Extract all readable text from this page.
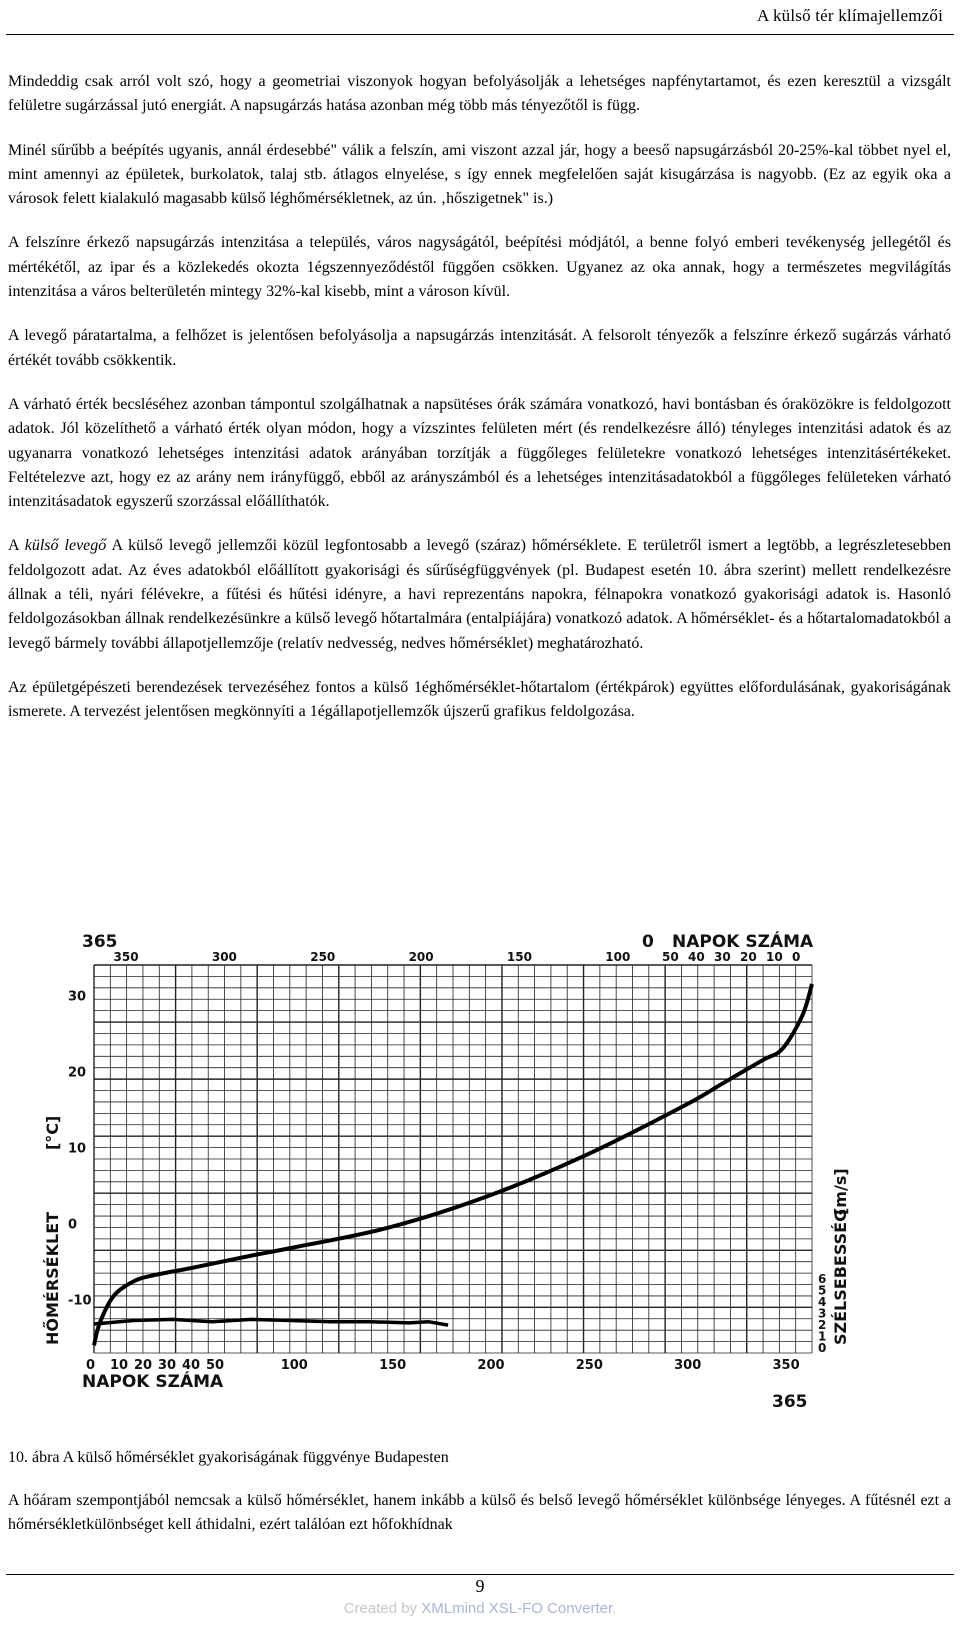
A külső tér klímajellemzői

Mindeddig csak arról volt szó, hogy a geometriai viszonyok hogyan befolyásolják a lehetséges napfénytartamot, és ezen keresztül a vizsgált felületre sugárzással jutó energiát. A napsugárzás hatása azonban még több más tényezőtől is függ.

Minél sűrűbb a beépítés ugyanis, annál érdesebbé" válik a felszín, ami viszont azzal jár, hogy a beeső napsugárzásból 20-25%-kal többet nyel el, mint amennyi az épületek, burkolatok, talaj stb. átlagos elnyelése, s így ennek megfelelően saját kisugárzása is nagyobb. (Ez az egyik oka a városok felett kialakuló magasabb külső léghőmérsékletnek, az ún. ‚hőszigetnek" is.)

A felszínre érkező napsugárzás intenzitása a település, város nagyságától, beépítési módjától, a benne folyó emberi tevékenység jellegétől és mértékétől, az ipar és a közlekedés okozta 1égszennyeződéstől függően csökken. Ugyanez az oka annak, hogy a természetes megvilágítás intenzitása a város belterületén mintegy 32%-kal kisebb, mint a városon kívül.

A levegő páratartalma, a felhőzet is jelentősen befolyásolja a napsugárzás intenzitását. A felsorolt tényezők a felszínre érkező sugárzás várható értékét tovább csökkentik.

A várható érték becsléséhez azonban támpontul szolgálhatnak a napsütéses órák számára vonatkozó, havi bontásban és óraközökre is feldolgozott adatok. Jól közelíthető a várható érték olyan módon, hogy a vízszintes felületen mért (és rendelkezésre álló) tényleges intenzitási adatok és az ugyanarra vonatkozó lehetséges intenzitási adatok arányában torzítják a függőleges felületekre vonatkozó lehetséges intenzitásértékeket. Feltételezve azt, hogy ez az arány nem irányfüggő, ebből az arányszámból és a lehetséges intenzitásadatokból a függőleges felületeken várható intenzitásadatok egyszerű szorzással előállíthatók.

A külső levegő A külső levegő jellemzői közül legfontosabb a levegő (száraz) hőmérséklete. E területről ismert a legtöbb, a legrészletesebben feldolgozott adat. Az éves adatokból előállított gyakorisági és sűrűségfüggvények (pl. Budapest esetén 10. ábra szerint) mellett rendelkezésre állnak a téli, nyári félévekre, a fűtési és hűtési idényre, a havi reprezentáns napokra, félnapokra vonatkozó gyakorisági adatok is. Hasonló feldolgozásokban állnak rendelkezésünkre a külső levegő hőtartalmára (entalpiájára) vonatkozó adatok. A hőmérséklet- és a hőtartalomadatokból a levegő bármely további állapotjellemzője (relatív nedvesség, nedves hőmérséklet) meghatározható.

Az épületgépészeti berendezések tervezéséhez fontos a külső 1éghőmérséklet-hőtartalom (értékpárok) együttes előfordulásának, gyakoriságának ismerete. A tervezést jelentősen megkönnyíti a 1égállapotjellemzők újszerű grafikus feldolgozása.

365	0 NAPOK SZÁMA
NAPOK SZÁMA
365
HŐMÉRSÉKLET
[°C]
SZÉLSEBESSÉG
[m/s]
350	300	250	200	150	100	50 40 30 20 10 0
0 10 20 30 40 50	100	150	200	250	300	350
30
20
10
0
-10
6
5
4
3
2
1
0
10. ábra A külső hőmérséklet gyakoriságának függvénye Budapesten

A hőáram szempontjából nemcsak a külső hőmérséklet, hanem inkább a külső és belső levegő hőmérséklet különbsége lényeges. A fűtésnél ezt a hőmérsékletkülönbséget kell áthidalni, ezért találóan ezt hőfokhídnak

9
Created by XMLmind XSL-FO Converter.
